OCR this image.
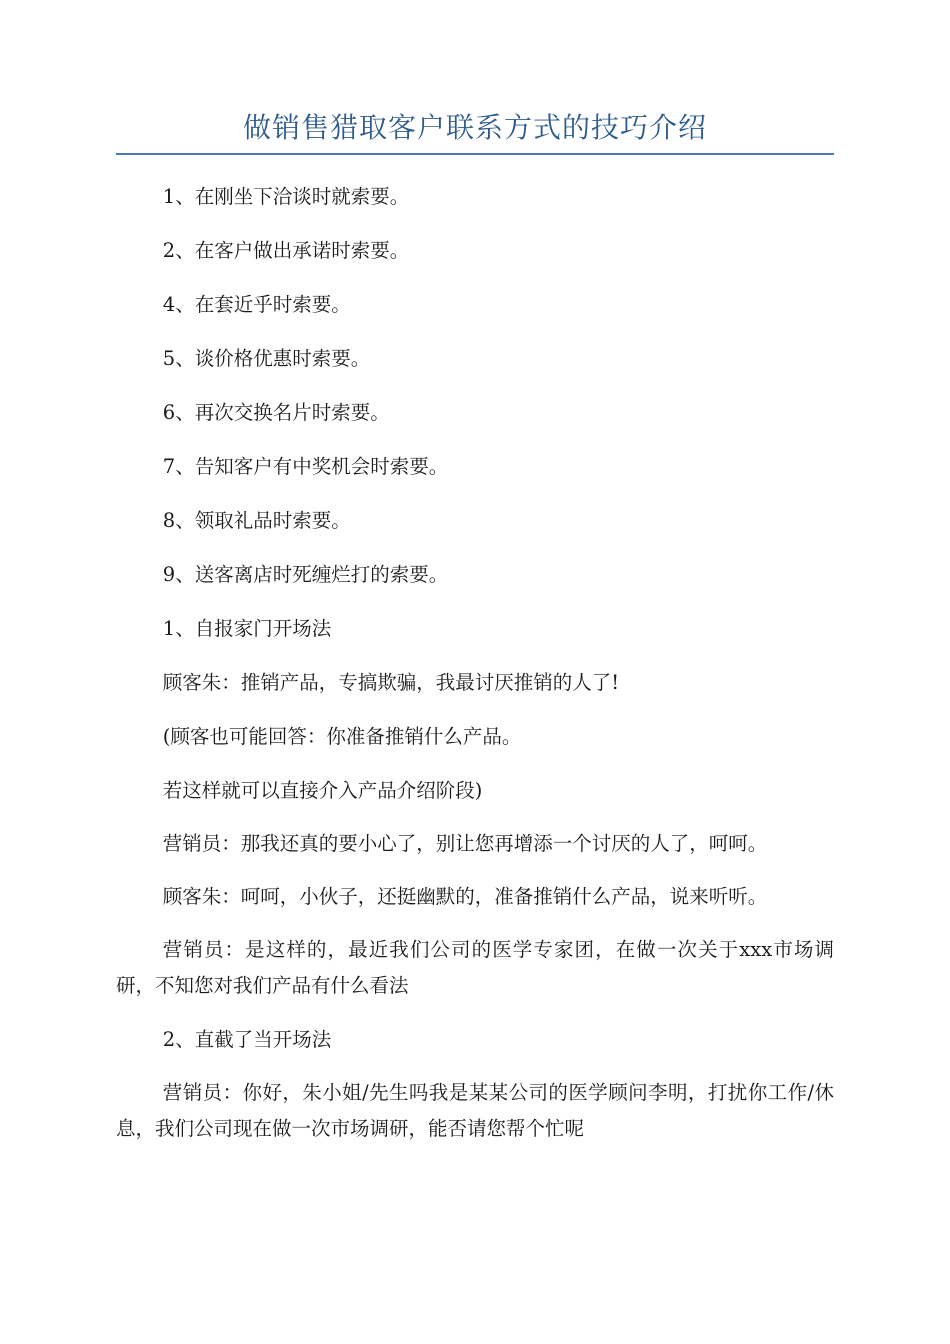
做销售猎取客户联系方式的技巧介绍

1、在刚坐下洽谈时就索要。

2、在客户做出承诺时索要。

4、在套近乎时索要。

5、谈价格优惠时索要。

6、再次交换名片时索要。

7、告知客户有中奖机会时索要。

8、领取礼品时索要。

9、送客离店时死缠烂打的索要。

1、自报家门开场法

顾客朱：推销产品，专搞欺骗，我最讨厌推销的人了!

(顾客也可能回答：你准备推销什么产品。

若这样就可以直接介入产品介绍阶段)

营销员：那我还真的要小心了，别让您再增添一个讨厌的人了，呵呵。

顾客朱：呵呵，小伙子，还挺幽默的，准备推销什么产品，说来听听。

营销员：是这样的，最近我们公司的医学专家团，在做一次关于xxx市场调研，不知您对我们产品有什么看法

2、直截了当开场法

营销员：你好，朱小姐/先生吗我是某某公司的医学顾问李明，打扰你工作/休息，我们公司现在做一次市场调研，能否请您帮个忙呢
